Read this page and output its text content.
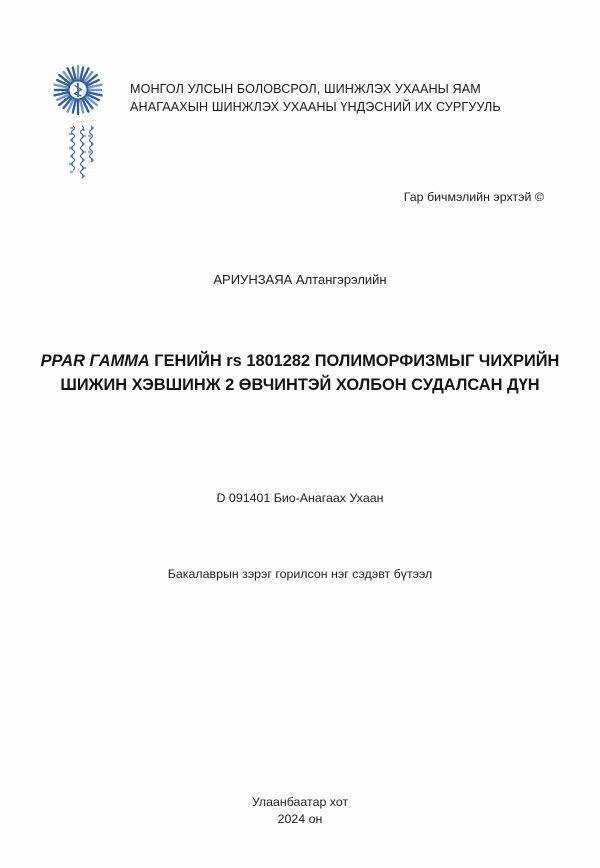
МОНГОЛ УЛСЫН БОЛОВСРОЛ, ШИНЖЛЭХ УХААНЫ ЯАМ
АНАГААХЫН ШИНЖЛЭХ УХААНЫ ҮНДЭСНИЙ ИХ СУРГУУЛЬ
Гар бичмэлийн эрхтэй ©
АРИУНЗАЯА Алтангэрэлийн
PPAR ГАММА ГЕНИЙН rs 1801282 ПОЛИМОРФИЗМЫГ ЧИХРИЙН
ШИЖИН ХЭВШИНЖ 2 ӨВЧИНТЭЙ ХОЛБОН СУДАЛСАН ДҮН
D 091401 Био-Анагаах Ухаан
Бакалаврын зэрэг горилсон нэг сэдэвт бүтээл
Улаанбаатар хот
2024 он
